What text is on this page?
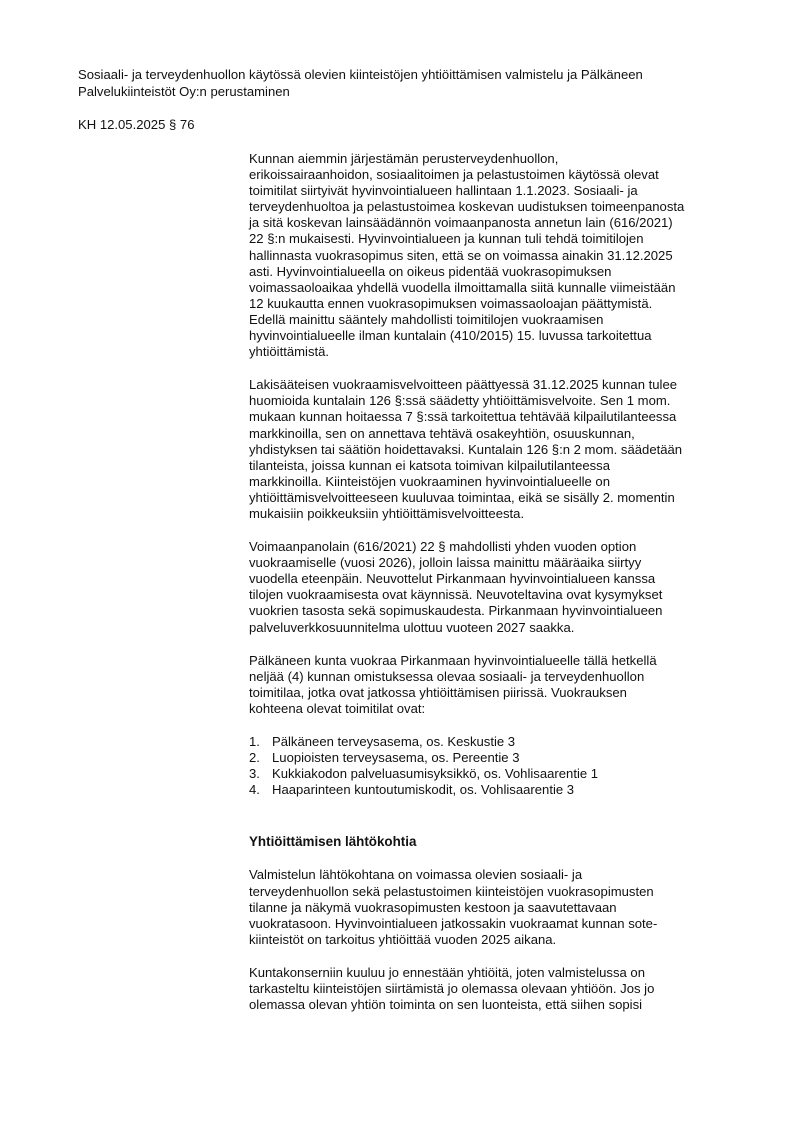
Sosiaali- ja terveydenhuollon käytössä olevien kiinteistöjen yhtiöittämisen valmistelu ja Pälkäneen
Palvelukiinteistöt Oy:n perustaminen

KH 12.05.2025 § 76

Kunnan aiemmin järjestämän perusterveydenhuollon,
erikoissairaanhoidon, sosiaalitoimen ja pelastustoimen käytössä olevat
toimitilat siirtyivät hyvinvointialueen hallintaan 1.1.2023. Sosiaali- ja
terveydenhuoltoa ja pelastustoimea koskevan uudistuksen toimeenpanosta
ja sitä koskevan lainsäädännön voimaanpanosta annetun lain (616/2021)
22 §:n mukaisesti. Hyvinvointialueen ja kunnan tuli tehdä toimitilojen
hallinnasta vuokrasopimus siten, että se on voimassa ainakin 31.12.2025
asti. Hyvinvointialueella on oikeus pidentää vuokrasopimuksen
voimassaoloaikaa yhdellä vuodella ilmoittamalla siitä kunnalle viimeistään
12 kuukautta ennen vuokrasopimuksen voimassaoloajan päättymistä.
Edellä mainittu sääntely mahdollisti toimitilojen vuokraamisen
hyvinvointialueelle ilman kuntalain (410/2015) 15. luvussa tarkoitettua
yhtiöittämistä.

Lakisääteisen vuokraamisvelvoitteen päättyessä 31.12.2025 kunnan tulee
huomioida kuntalain 126 §:ssä säädetty yhtiöittämisvelvoite. Sen 1 mom.
mukaan kunnan hoitaessa 7 §:ssä tarkoitettua tehtävää kilpailutilanteessa
markkinoilla, sen on annettava tehtävä osakeyhtiön, osuuskunnan,
yhdistyksen tai säätiön hoidettavaksi. Kuntalain 126 §:n 2 mom. säädetään
tilanteista, joissa kunnan ei katsota toimivan kilpailutilanteessa
markkinoilla. Kiinteistöjen vuokraaminen hyvinvointialueelle on
yhtiöittämisvelvoitteeseen kuuluvaa toimintaa, eikä se sisälly 2. momentin
mukaisiin poikkeuksiin yhtiöittämisvelvoitteesta.

Voimaanpanolain (616/2021) 22 § mahdollisti yhden vuoden option
vuokraamiselle (vuosi 2026), jolloin laissa mainittu määräaika siirtyy
vuodella eteenpäin. Neuvottelut Pirkanmaan hyvinvointialueen kanssa
tilojen vuokraamisesta ovat käynnissä. Neuvoteltavina ovat kysymykset
vuokrien tasosta sekä sopimuskaudesta. Pirkanmaan hyvinvointialueen
palveluverkkosuunnitelma ulottuu vuoteen 2027 saakka.

Pälkäneen kunta vuokraa Pirkanmaan hyvinvointialueelle tällä hetkellä
neljää (4) kunnan omistuksessa olevaa sosiaali- ja terveydenhuollon
toimitilaa, jotka ovat jatkossa yhtiöittämisen piirissä. Vuokrauksen
kohteena olevat toimitilat ovat:

1. Pälkäneen terveysasema, os. Keskustie 3
2. Luopioisten terveysasema, os. Pereentie 3
3. Kukkiakodon palveluasumisyksikkö, os. Vohlisaarentie 1
4. Haaparinteen kuntoutumiskodit, os. Vohlisaarentie 3
Yhtiöittämisen lähtökohtia

Valmistelun lähtökohtana on voimassa olevien sosiaali- ja
terveydenhuollon sekä pelastustoimen kiinteistöjen vuokrasopimusten
tilanne ja näkymä vuokrasopimusten kestoon ja saavutettavaan
vuokratasoon. Hyvinvointialueen jatkossakin vuokraamat kunnan sote-
kiinteistöt on tarkoitus yhtiöittää vuoden 2025 aikana.

Kuntakonserniin kuuluu jo ennestään yhtiöitä, joten valmistelussa on
tarkasteltu kiinteistöjen siirtämistä jo olemassa olevaan yhtiöön. Jos jo
olemassa olevan yhtiön toiminta on sen luonteista, että siihen sopisi
